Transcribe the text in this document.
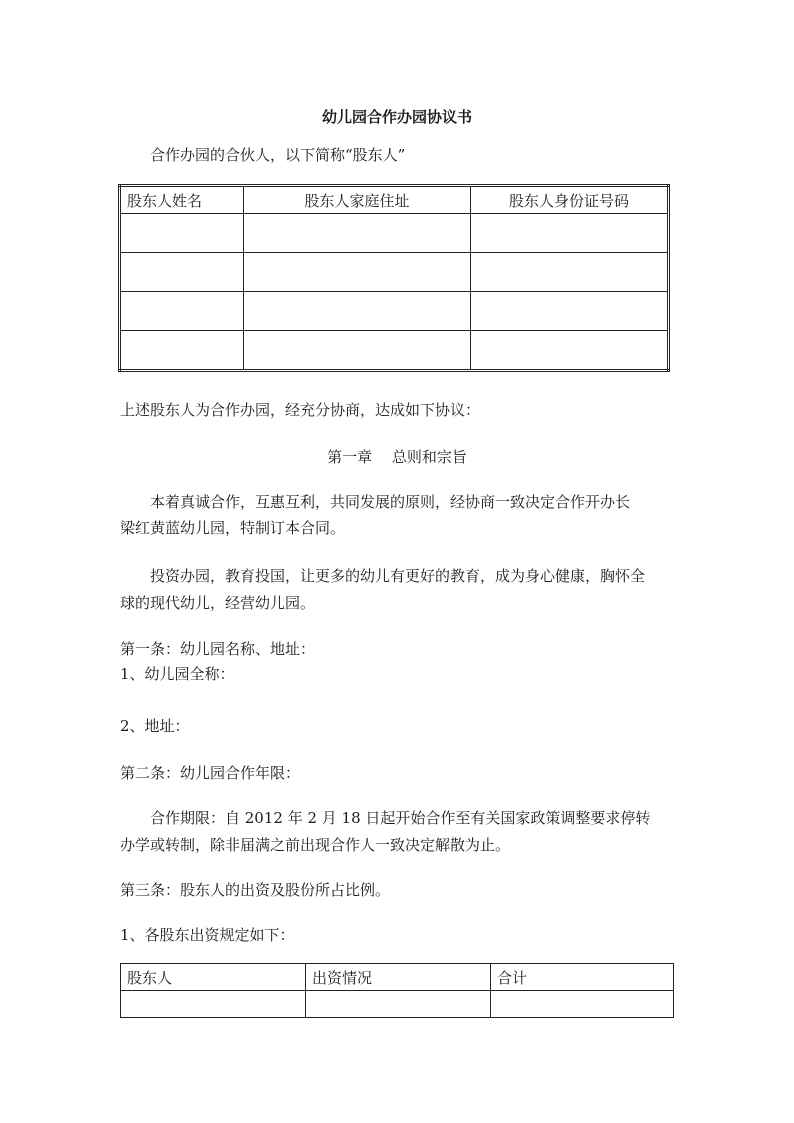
幼儿园合作办园协议书
合作办园的合伙人，以下简称“股东人”
股东人姓名	股东人家庭住址	股东人身份证号码

上述股东人为合作办园，经充分协商，达成如下协议：
第一章　 总则和宗旨
本着真诚合作，互惠互利，共同发展的原则，经协商一致决定合作开办长
梁红黄蓝幼儿园，特制订本合同。
投资办园，教育投国，让更多的幼儿有更好的教育，成为身心健康，胸怀全
球的现代幼儿，经营幼儿园。
第一条：幼儿园名称、地址：
1、幼儿园全称：
2、地址：
第二条：幼儿园合作年限：
合作期限：自 2012 年 2 月 18 日起开始合作至有关国家政策调整要求停转
办学或转制，除非届满之前出现合作人一致决定解散为止。
第三条：股东人的出资及股份所占比例。
1、各股东出资规定如下：
股东人	出资情况	合计
